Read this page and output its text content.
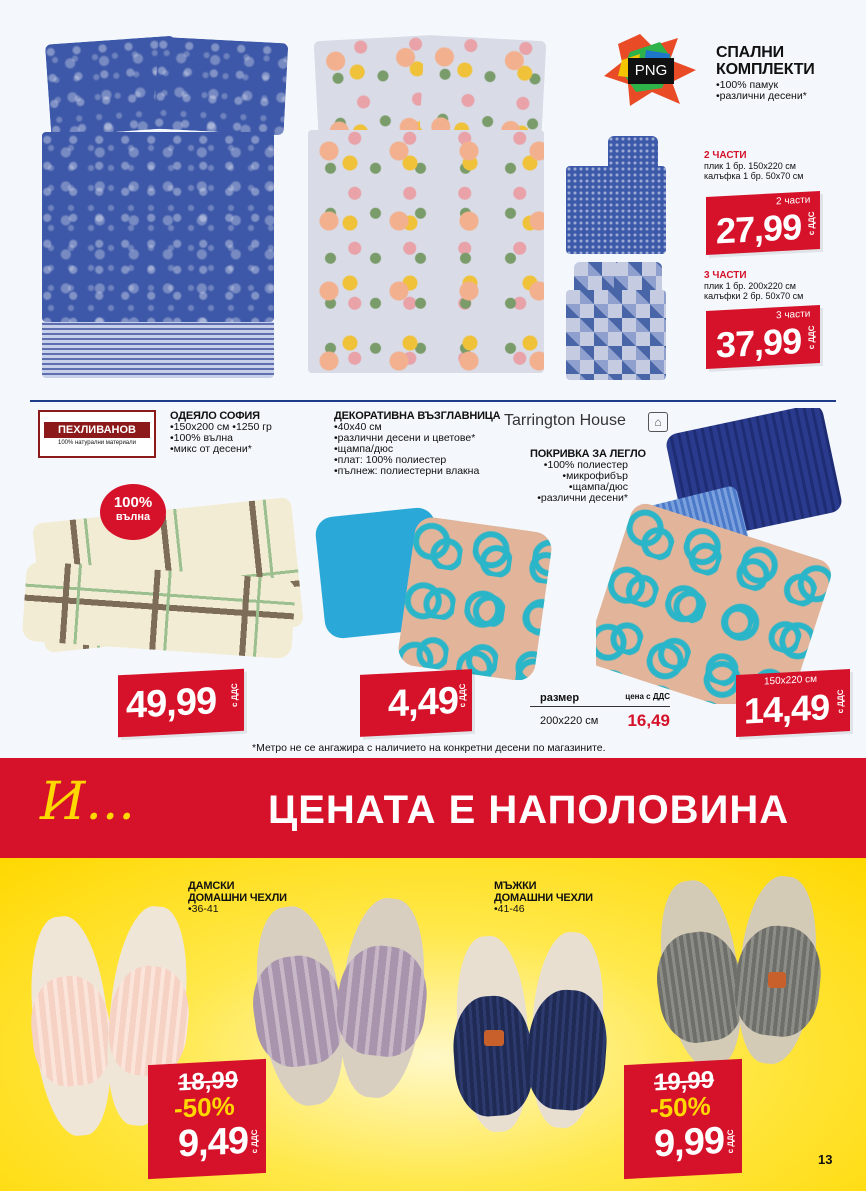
PNG
СПАЛНИ
КОМПЛЕКТИ
•100% памук
•различни десени*
2 ЧАСТИ
плик 1 бр. 150х220 см
калъфка 1 бр. 50х70 см
2 части
27,99 с ДДС
3 ЧАСТИ
плик 1 бр. 200х220 см
калъфки 2 бр. 50х70 см
3 части
37,99 с ДДС
ПЕХЛИВАНОВ
100% натурални материали
ОДЕЯЛО СОФИЯ
•150х200 см •1250 гр
•100% вълна
•микс от десени*
100%
вълна
49,99 с ДДС
ДЕКОРАТИВНА ВЪЗГЛАВНИЦА
•40х40 см
•различни десени и цветове*
•щампа/дюс
•плат: 100% полиестер
•пълнеж: полиестерни влакна
4,49 с ДДС
Tarrington House	⌂
ПОКРИВКА ЗА ЛЕГЛО
•100% полиестер
•микрофибър
•щампа/дюс
•различни десени*
размер	цена с ДДС
200х220 см 16,49
150х220 см
14,49 с ДДС
*Метро не се ангажира с наличието на конкретни десени по магазините.
И...	ЦЕНАТА Е НАПОЛОВИНА
ДАМСКИ
ДОМАШНИ ЧЕХЛИ
•36-41
18,99
-50%
9,49 с ДДС
МЪЖКИ
ДОМАШНИ ЧЕХЛИ
•41-46
19,99
-50%
9,99 с ДДС
13
